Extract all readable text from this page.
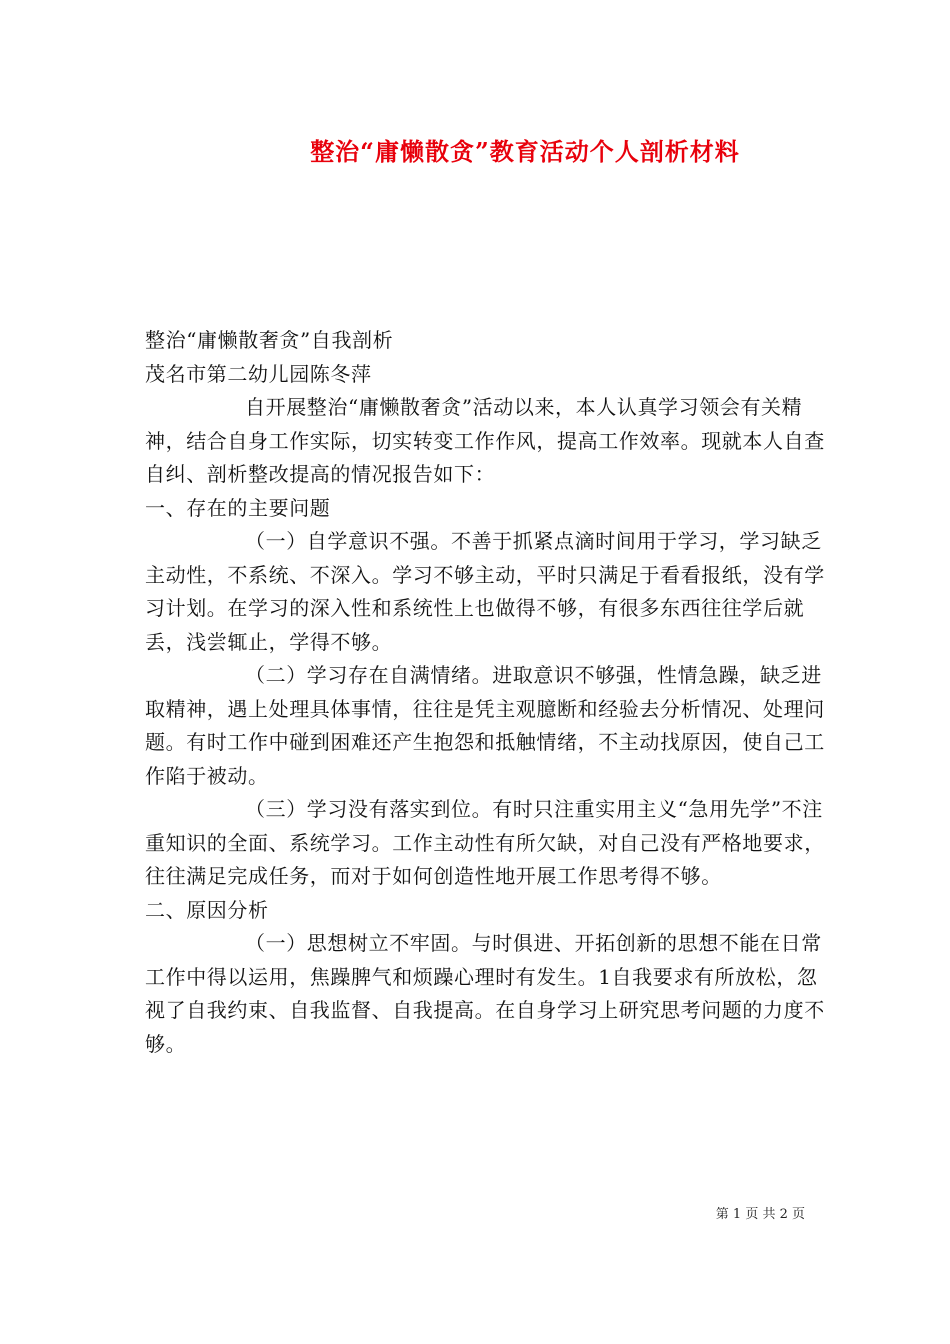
整治“庸懒散贪”教育活动个人剖析材料

整治“庸懒散奢贪”自我剖析

茂名市第二幼儿园陈冬萍

自开展整治“庸懒散奢贪”活动以来，本人认真学习领会有关精神，结合自身工作实际，切实转变工作作风，提高工作效率。现就本人自查自纠、剖析整改提高的情况报告如下：

一、存在的主要问题

（一）自学意识不强。不善于抓紧点滴时间用于学习，学习缺乏主动性，不系统、不深入。学习不够主动，平时只满足于看看报纸，没有学习计划。在学习的深入性和系统性上也做得不够，有很多东西往往学后就丢，浅尝辄止，学得不够。

（二）学习存在自满情绪。进取意识不够强，性情急躁，缺乏进取精神，遇上处理具体事情，往往是凭主观臆断和经验去分析情况、处理问题。有时工作中碰到困难还产生抱怨和抵触情绪，不主动找原因，使自己工作陷于被动。

（三）学习没有落实到位。有时只注重实用主义“急用先学”不注重知识的全面、系统学习。工作主动性有所欠缺，对自己没有严格地要求，往往满足完成任务，而对于如何创造性地开展工作思考得不够。

二、原因分析

（一）思想树立不牢固。与时俱进、开拓创新的思想不能在日常工作中得以运用，焦躁脾气和烦躁心理时有发生。1自我要求有所放松，忽视了自我约束、自我监督、自我提高。在自身学习上研究思考问题的力度不够。

第 1 页 共 2 页
